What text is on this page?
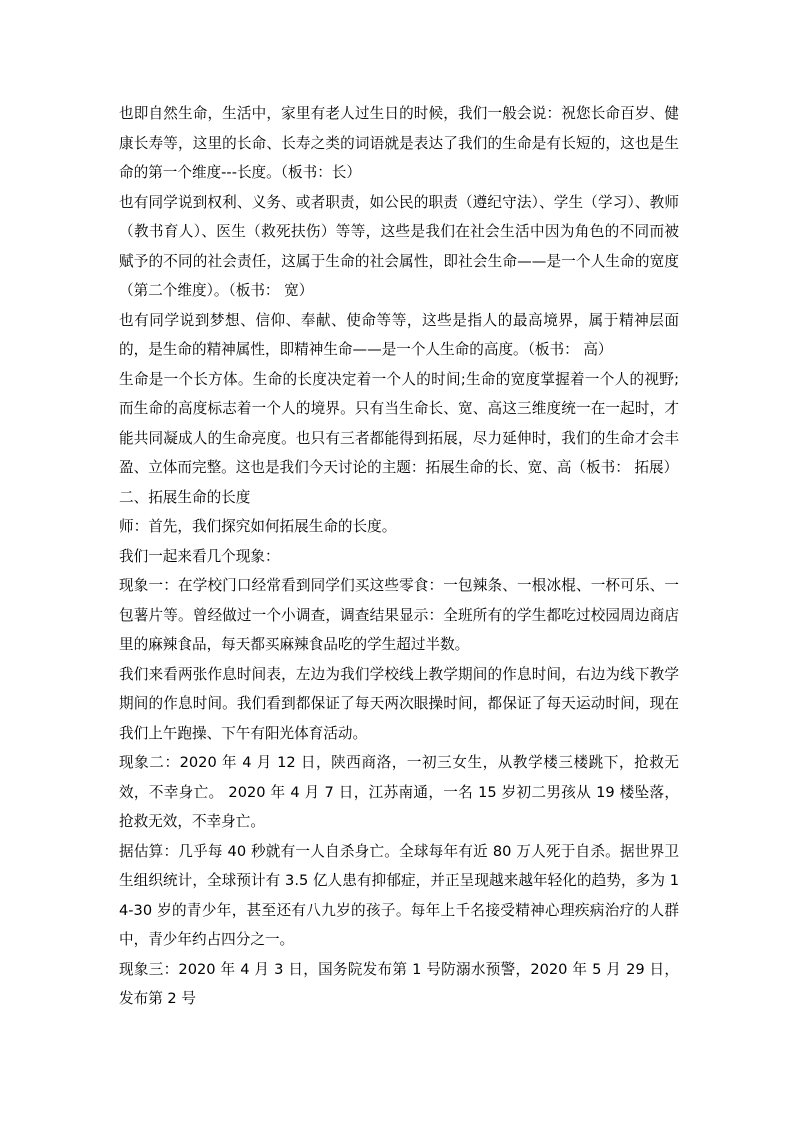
也即自然生命，生活中，家里有老人过生日的时候，我们一般会说：祝您长命百岁、健康长寿等，这里的长命、长寿之类的词语就是表达了我们的生命是有长短的，这也是生命的第一个维度---长度。（板书：长）

也有同学说到权利、义务、或者职责，如公民的职责（遵纪守法）、学生（学习）、教师（教书育人）、医生（救死扶伤）等等，这些是我们在社会生活中因为角色的不同而被赋予的不同的社会责任，这属于生命的社会属性，即社会生命——是一个人生命的宽度（第二个维度）。（板书： 宽）

也有同学说到梦想、信仰、奉献、使命等等，这些是指人的最高境界，属于精神层面的，是生命的精神属性，即精神生命——是一个人生命的高度。（板书： 高）

生命是一个长方体。生命的长度决定着一个人的时间;生命的宽度掌握着一个人的视野;而生命的高度标志着一个人的境界。只有当生命长、宽、高这三维度统一在一起时，才能共同凝成人的生命亮度。也只有三者都能得到拓展，尽力延伸时，我们的生命才会丰盈、立体而完整。这也是我们今天讨论的主题：拓展生命的长、宽、高（板书： 拓展）

二、拓展生命的长度

师：首先，我们探究如何拓展生命的长度。

我们一起来看几个现象：

现象一：在学校门口经常看到同学们买这些零食：一包辣条、一根冰棍、一杯可乐、一包薯片等。曾经做过一个小调查，调查结果显示：全班所有的学生都吃过校园周边商店里的麻辣食品，每天都买麻辣食品吃的学生超过半数。

我们来看两张作息时间表，左边为我们学校线上教学期间的作息时间，右边为线下教学期间的作息时间。我们看到都保证了每天两次眼操时间，都保证了每天运动时间，现在我们上午跑操、下午有阳光体育活动。

现象二：2020 年 4 月 12 日，陕西商洛，一初三女生，从教学楼三楼跳下，抢救无效，不幸身亡。 2020 年 4 月 7 日，江苏南通，一名 15 岁初二男孩从 19 楼坠落，抢救无效，不幸身亡。

据估算：几乎每 40 秒就有一人自杀身亡。全球每年有近 80 万人死于自杀。据世界卫生组织统计，全球预计有 3.5 亿人患有抑郁症，并正呈现越来越年轻化的趋势，多为 14-30 岁的青少年，甚至还有八九岁的孩子。每年上千名接受精神心理疾病治疗的人群中，青少年约占四分之一。

现象三：2020 年 4 月 3 日，国务院发布第 1 号防溺水预警，2020 年 5 月 29 日，发布第 2 号
